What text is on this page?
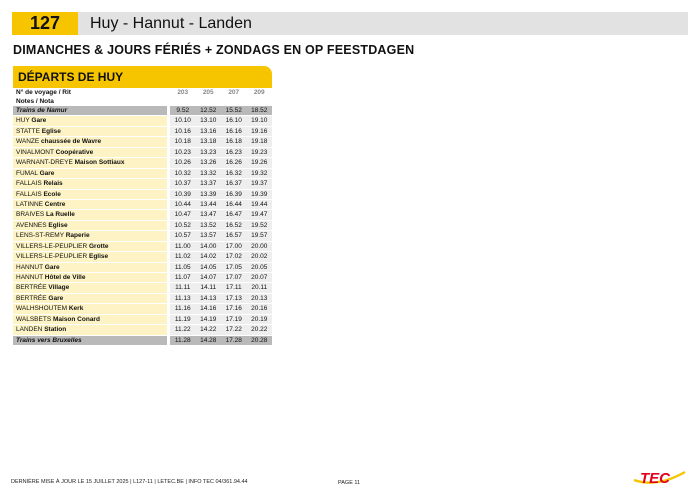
127	Huy - Hannut - Landen
DIMANCHES & JOURS FÉRIÉS + ZONDAGS EN OP FEESTDAGEN
DÉPARTS DE HUY
N° de voyage / Rit	203	205	207	209
Notes / Nota
Trains de Namur	9.52	12.52	15.52	18.52
HUY Gare	10.10	13.10	16.10	19.10
STATTE Eglise	10.16	13.16	16.16	19.16
WANZE chaussée de Wavre	10.18	13.18	16.18	19.18
VINALMONT Coopérative	10.23	13.23	16.23	19.23
WARNANT-DREYE Maison Sottiaux	10.26	13.26	16.26	19.26
FUMAL Gare	10.32	13.32	16.32	19.32
FALLAIS Relais	10.37	13.37	16.37	19.37
FALLAIS Ecole	10.39	13.39	16.39	19.39
LATINNE Centre	10.44	13.44	16.44	19.44
BRAIVES La Ruelle	10.47	13.47	16.47	19.47
AVENNES Eglise	10.52	13.52	16.52	19.52
LENS-ST-REMY Raperie	10.57	13.57	16.57	19.57
VILLERS-LE-PEUPLIER Grotte	11.00	14.00	17.00	20.00
VILLERS-LE-PEUPLIER Eglise	11.02	14.02	17.02	20.02
HANNUT Gare	11.05	14.05	17.05	20.05
HANNUT Hôtel de Ville	11.07	14.07	17.07	20.07
BERTRÉE Village	11.11	14.11	17.11	20.11
BERTRÉE Gare	11.13	14.13	17.13	20.13
WALHSHOUTEM Kerk	11.16	14.16	17.16	20.16
WALSBETS Maison Conard	11.19	14.19	17.19	20.19
LANDEN Station	11.22	14.22	17.22	20.22
Trains vers Bruxelles	11.28	14.28	17.28	20.28
DERNIÈRE MISE À JOUR LE 15 JUILLET 2025 | L127-11 | LETEC.BE | INFO TEC 04/361.94.44	PAGE 11	TEC
